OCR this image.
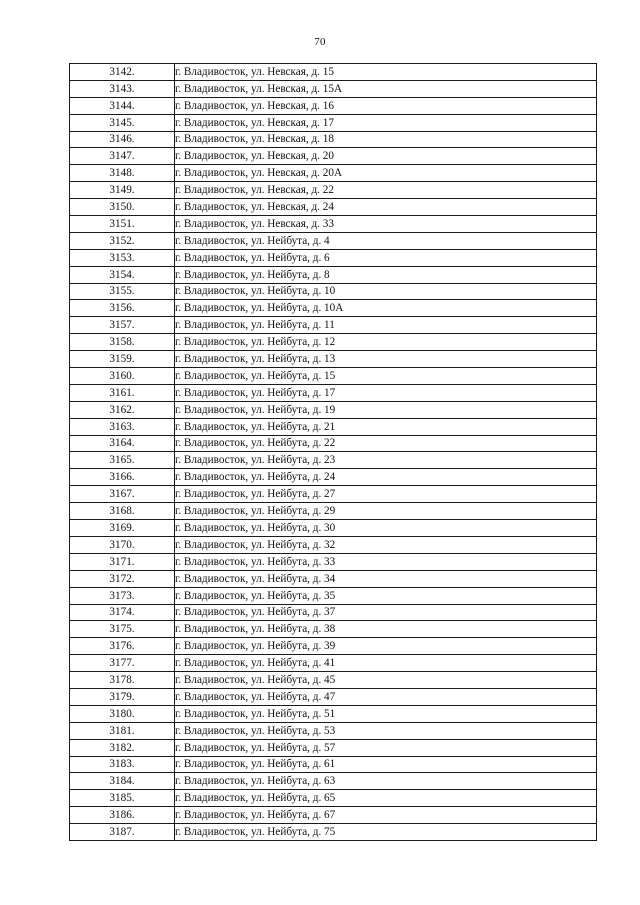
70
3142.	г. Владивосток, ул. Невская, д. 15
3143.	г. Владивосток, ул. Невская, д. 15А
3144.	г. Владивосток, ул. Невская, д. 16
3145.	г. Владивосток, ул. Невская, д. 17
3146.	г. Владивосток, ул. Невская, д. 18
3147.	г. Владивосток, ул. Невская, д. 20
3148.	г. Владивосток, ул. Невская, д. 20А
3149.	г. Владивосток, ул. Невская, д. 22
3150.	г. Владивосток, ул. Невская, д. 24
3151.	г. Владивосток, ул. Невская, д. 33
3152.	г. Владивосток, ул. Нейбута, д. 4
3153.	г. Владивосток, ул. Нейбута, д. 6
3154.	г. Владивосток, ул. Нейбута, д. 8
3155.	г. Владивосток, ул. Нейбута, д. 10
3156.	г. Владивосток, ул. Нейбута, д. 10А
3157.	г. Владивосток, ул. Нейбута, д. 11
3158.	г. Владивосток, ул. Нейбута, д. 12
3159.	г. Владивосток, ул. Нейбута, д. 13
3160.	г. Владивосток, ул. Нейбута, д. 15
3161.	г. Владивосток, ул. Нейбута, д. 17
3162.	г. Владивосток, ул. Нейбута, д. 19
3163.	г. Владивосток, ул. Нейбута, д. 21
3164.	г. Владивосток, ул. Нейбута, д. 22
3165.	г. Владивосток, ул. Нейбута, д. 23
3166.	г. Владивосток, ул. Нейбута, д. 24
3167.	г. Владивосток, ул. Нейбута, д. 27
3168.	г. Владивосток, ул. Нейбута, д. 29
3169.	г. Владивосток, ул. Нейбута, д. 30
3170.	г. Владивосток, ул. Нейбута, д. 32
3171.	г. Владивосток, ул. Нейбута, д. 33
3172.	г. Владивосток, ул. Нейбута, д. 34
3173.	г. Владивосток, ул. Нейбута, д. 35
3174.	г. Владивосток, ул. Нейбута, д. 37
3175.	г. Владивосток, ул. Нейбута, д. 38
3176.	г. Владивосток, ул. Нейбута, д. 39
3177.	г. Владивосток, ул. Нейбута, д. 41
3178.	г. Владивосток, ул. Нейбута, д. 45
3179.	г. Владивосток, ул. Нейбута, д. 47
3180.	г. Владивосток, ул. Нейбута, д. 51
3181.	г. Владивосток, ул. Нейбута, д. 53
3182.	г. Владивосток, ул. Нейбута, д. 57
3183.	г. Владивосток, ул. Нейбута, д. 61
3184.	г. Владивосток, ул. Нейбута, д. 63
3185.	г. Владивосток, ул. Нейбута, д. 65
3186.	г. Владивосток, ул. Нейбута, д. 67
3187.	г. Владивосток, ул. Нейбута, д. 75
